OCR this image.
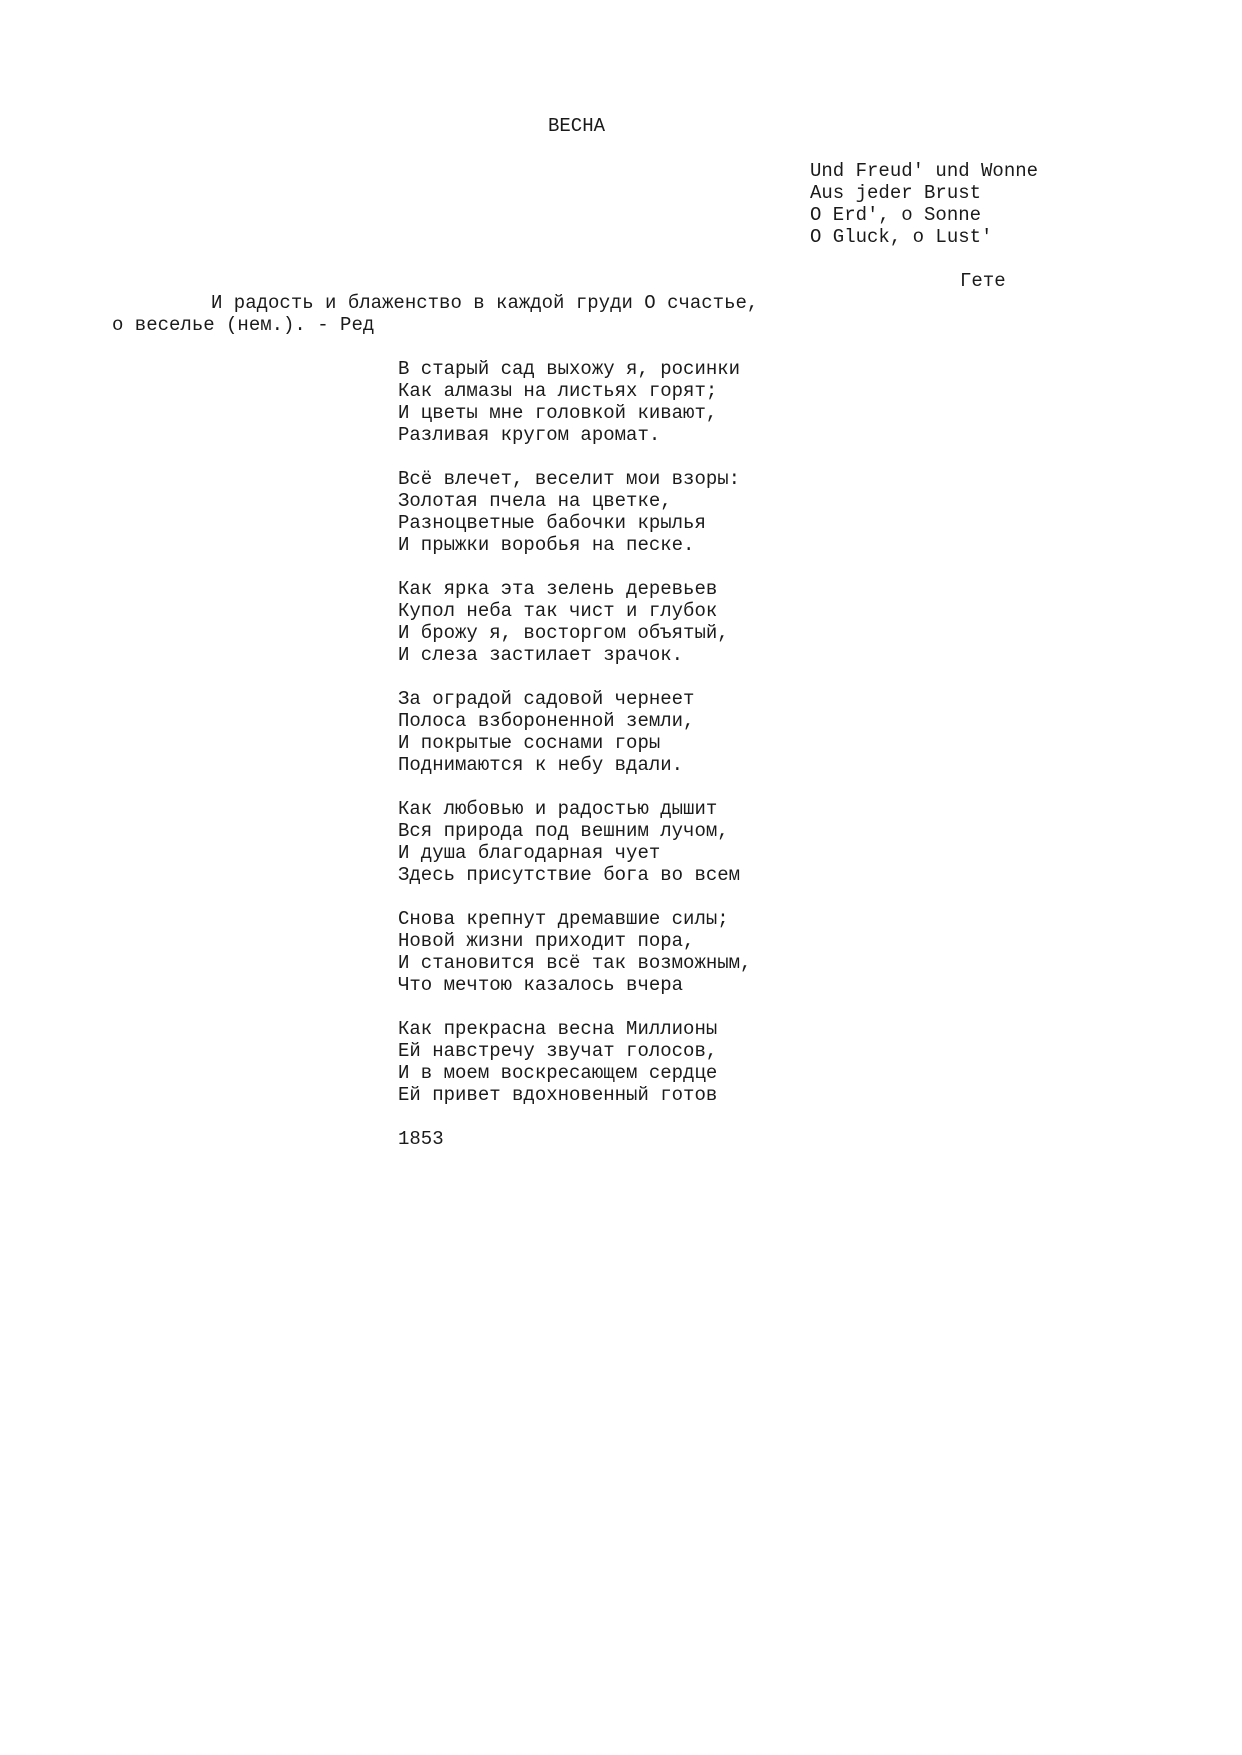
ВЕСНА
Und Freud' und Wonne
Aus jeder Brust
O Erd', o Sonne
O Gluck, o Lust'
Гете
И радость и блаженство в каждой груди О счастье,
о веселье (нем.). - Ред
В старый сад выхожу я, росинки
Как алмазы на листьях горят;
И цветы мне головкой кивают,
Разливая кругом аромат.
Всё влечет, веселит мои взоры:
Золотая пчела на цветке,
Разноцветные бабочки крылья
И прыжки воробья на песке.
Как ярка эта зелень деревьев
Купол неба так чист и глубок
И брожу я, восторгом объятый,
И слеза застилает зрачок.
За оградой садовой чернеет
Полоса взбороненной земли,
И покрытые соснами горы
Поднимаются к небу вдали.
Как любовью и радостью дышит
Вся природа под вешним лучом,
И душа благодарная чует
Здесь присутствие бога во всем
Снова крепнут дремавшие силы;
Новой жизни приходит пора,
И становится всё так возможным,
Что мечтою казалось вчера
Как прекрасна весна Миллионы
Ей навстречу звучат голосов,
И в моем воскресающем сердце
Ей привет вдохновенный готов
1853
